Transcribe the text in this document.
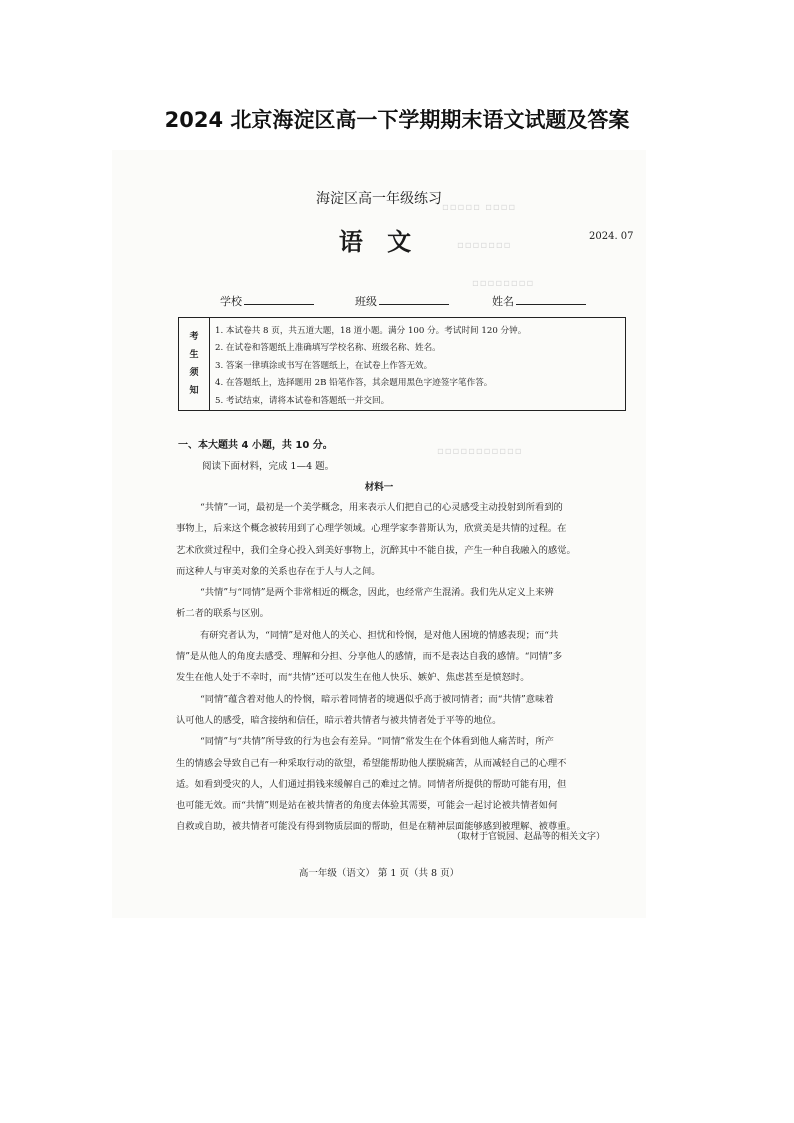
2024 北京海淀区高一下学期期末语文试题及答案
▫▫▫▫▫ ▫▫▫▫
▫▫▫▫▫▫▫
▫▫▫▫▫▫▫▫
▫▫▫▫▫▫▫▫▫▫▫
海淀区高一年级练习
语 文	2024. 07
学校	班级	姓名
考
生
须
知
1. 本试卷共 8 页，共五道大题，18 道小题。满分 100 分。考试时间 120 分钟。
2. 在试卷和答题纸上准确填写学校名称、班级名称、姓名。
3. 答案一律填涂或书写在答题纸上，在试卷上作答无效。
4. 在答题纸上，选择题用 2B 铅笔作答，其余题用黑色字迹签字笔作答。
5. 考试结束，请将本试卷和答题纸一并交回。
一、本大题共 4 小题，共 10 分。
阅读下面材料，完成 1—4 题。
材料一
“共情”一词，最初是一个美学概念，用来表示人们把自己的心灵感受主动投射到所看到的
事物上，后来这个概念被转用到了心理学领域。心理学家李普斯认为，欣赏美是共情的过程。在
艺术欣赏过程中，我们全身心投入到美好事物上，沉醉其中不能自拔，产生一种自我融入的感觉。
而这种人与审美对象的关系也存在于人与人之间。
“共情”与“同情”是两个非常相近的概念，因此，也经常产生混淆。我们先从定义上来辨
析二者的联系与区别。
有研究者认为，“同情”是对他人的关心、担忧和怜悯，是对他人困境的情感表现；而“共
情”是从他人的角度去感受、理解和分担、分享他人的感情，而不是表达自我的感情。“同情”多
发生在他人处于不幸时，而“共情”还可以发生在他人快乐、嫉妒、焦虑甚至是愤怒时。
“同情”蕴含着对他人的怜悯，暗示着同情者的境遇似乎高于被同情者；而“共情”意味着
认可他人的感受，暗含接纳和信任，暗示着共情者与被共情者处于平等的地位。
“同情”与“共情”所导致的行为也会有差异。“同情”常发生在个体看到他人痛苦时，所产
生的情感会导致自己有一种采取行动的欲望，希望能帮助他人摆脱痛苦，从而减轻自己的心理不
适。如看到受灾的人，人们通过捐钱来缓解自己的难过之情。同情者所提供的帮助可能有用，但
也可能无效。而“共情”则是站在被共情者的角度去体验其需要，可能会一起讨论被共情者如何
自救或自助，被共情者可能没有得到物质层面的帮助，但是在精神层面能够感到被理解、被尊重。
（取材于官锐园、赵晶等的相关文字）
高一年级（语文） 第 1 页（共 8 页）
